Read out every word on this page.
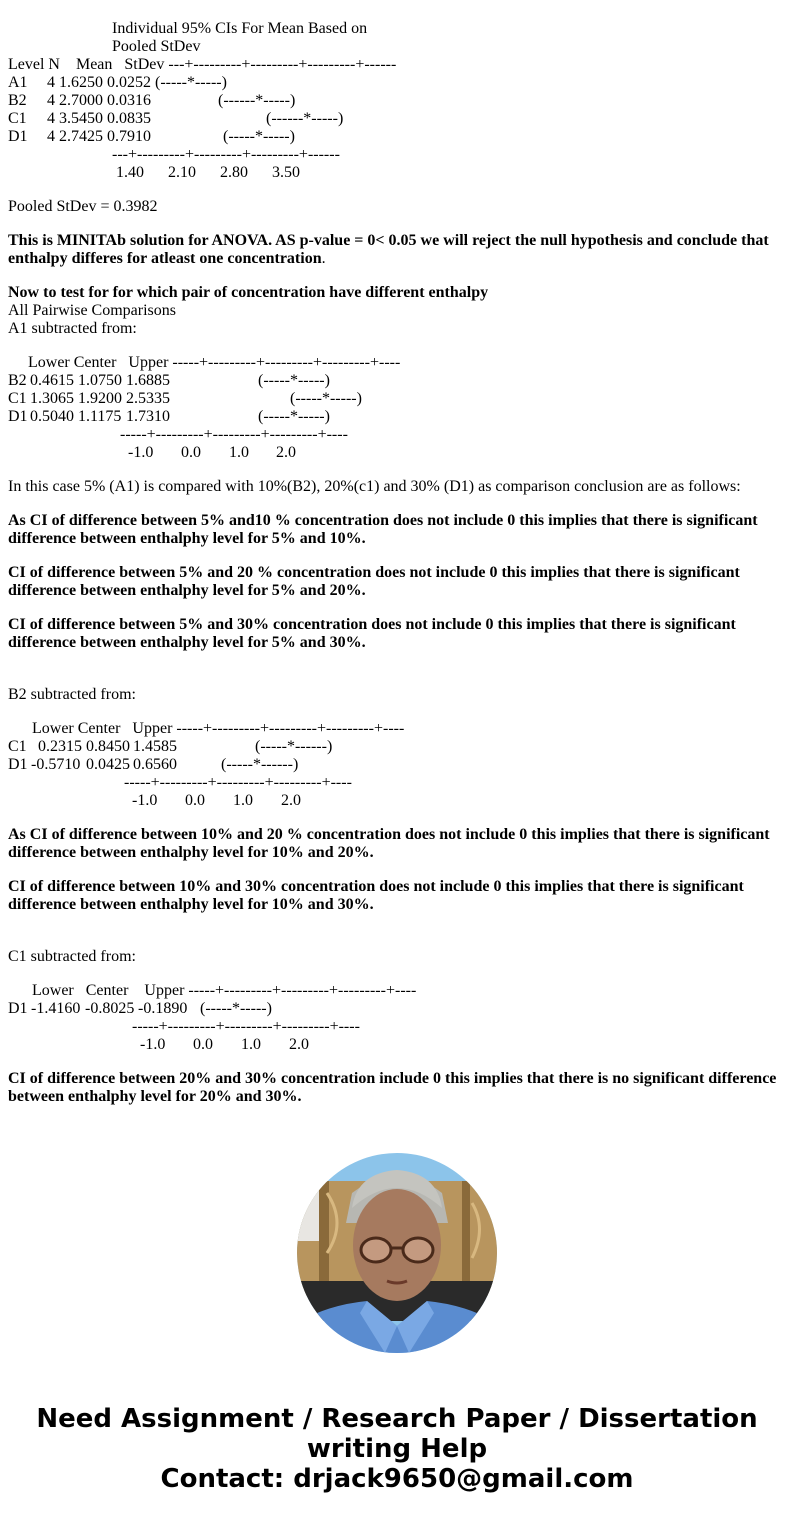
Individual 95% CIs For Mean Based on
Pooled StDev
Level N    Mean   StDev ---+---------+---------+---------+------
A1 4 1.6250 0.0252 (-----*-----)
B2 4 2.7000 0.0316	(------*-----)
C1 4 3.5450 0.0835	(------*-----)
D1 4 2.7425 0.7910	(-----*-----)
---+---------+---------+---------+------
1.40 2.10 2.80 3.50
Pooled StDev = 0.3982
This is MINITAb solution for ANOVA. AS p-value = 0< 0.05 we will reject the null hypothesis and conclude that enthalpy differes for atleast one concentration.
Now to test for for which pair of concentration have different enthalpy
All Pairwise Comparisons
A1 subtracted from:
Lower Center   Upper -----+---------+---------+---------+----
B2 0.4615 1.0750 1.6885	(-----*-----)
C1 1.3065 1.9200 2.5335	(-----*-----)
D1 0.5040 1.1175 1.7310	(-----*-----)
-----+---------+---------+---------+----
-1.0 0.0 1.0 2.0
In this case 5% (A1) is compared with 10%(B2), 20%(c1) and 30% (D1) as comparison conclusion are as follows:
As CI of difference between 5% and10 % concentration does not include 0 this implies that there is significant difference between enthalphy level for 5% and 10%.
CI of difference between 5% and 20 % concentration does not include 0 this implies that there is significant difference between enthalphy level for 5% and 20%.
CI of difference between 5% and 30% concentration does not include 0 this implies that there is significant difference between enthalphy level for 5% and 30%.
B2 subtracted from:
Lower Center   Upper -----+---------+---------+---------+----
C1 0.2315 0.8450 1.4585	(-----*------)
D1 -0.5710 0.0425 0.6560	(-----*------)
-----+---------+---------+---------+----
-1.0 0.0 1.0 2.0
As CI of difference between 10% and 20 % concentration does not include 0 this implies that there is significant difference between enthalphy level for 10% and 20%.
CI of difference between 10% and 30% concentration does not include 0 this implies that there is significant difference between enthalphy level for 10% and 30%.
C1 subtracted from:
Lower   Center    Upper -----+---------+---------+---------+----
D1 -1.4160 -0.8025 -0.1890 (-----*-----)
-----+---------+---------+---------+----
-1.0 0.0 1.0 2.0
CI of difference between 20% and 30% concentration include 0 this implies that there is no significant difference between enthalphy level for 20% and 30%.
Need Assignment / Research Paper / Dissertation
writing Help
Contact: drjack9650@gmail.com
